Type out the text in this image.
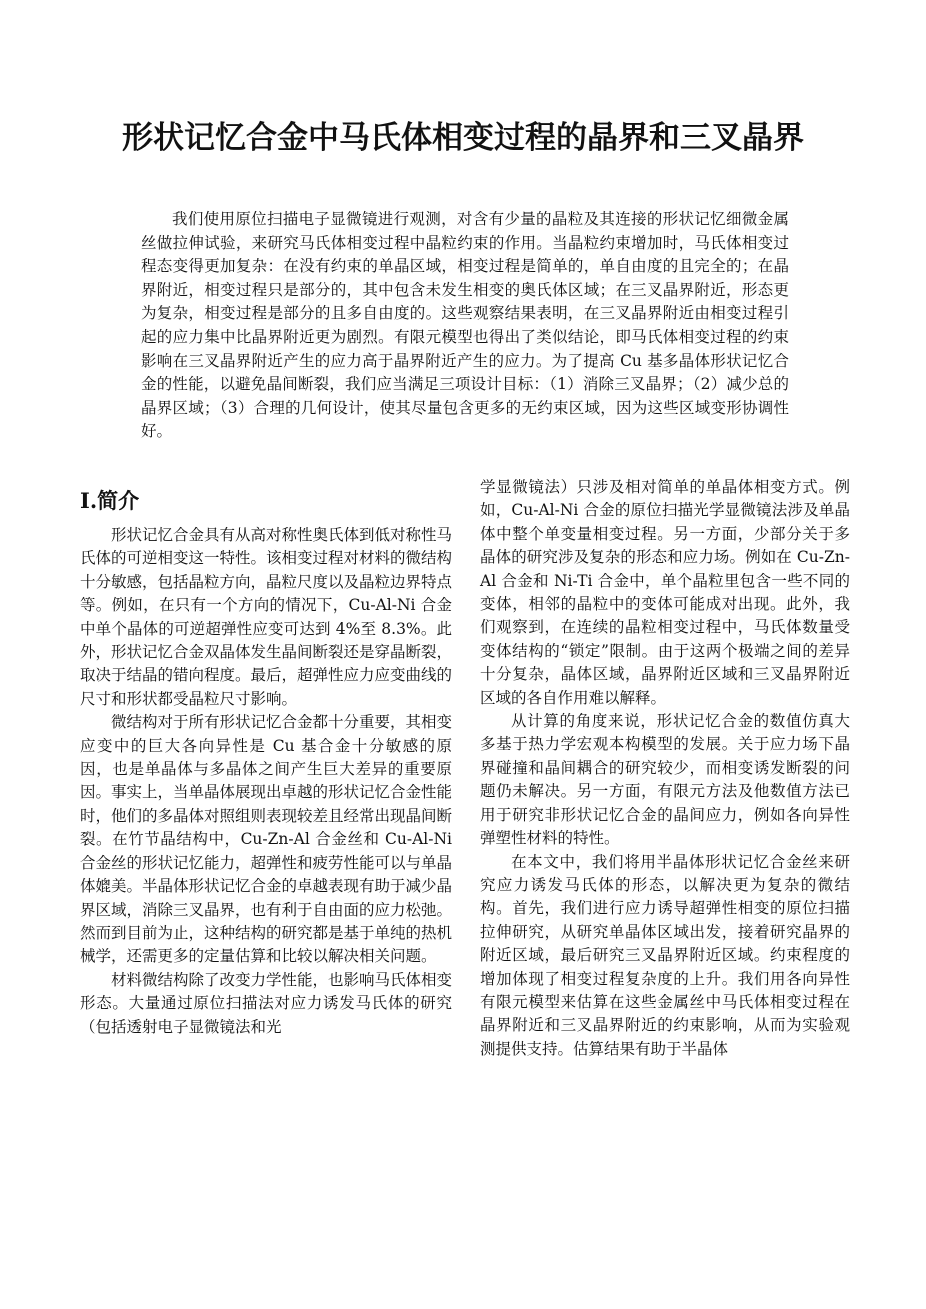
形状记忆合金中马氏体相变过程的晶界和三叉晶界

我们使用原位扫描电子显微镜进行观测，对含有少量的晶粒及其连接的形状记忆细微金属丝做拉伸试验，来研究马氏体相变过程中晶粒约束的作用。当晶粒约束增加时，马氏体相变过程态变得更加复杂：在没有约束的单晶区域，相变过程是简单的，单自由度的且完全的；在晶界附近，相变过程只是部分的，其中包含未发生相变的奥氏体区域；在三叉晶界附近，形态更为复杂，相变过程是部分的且多自由度的。这些观察结果表明，在三叉晶界附近由相变过程引起的应力集中比晶界附近更为剧烈。有限元模型也得出了类似结论，即马氏体相变过程的约束影响在三叉晶界附近产生的应力高于晶界附近产生的应力。为了提高 Cu 基多晶体形状记忆合金的性能，以避免晶间断裂，我们应当满足三项设计目标：（1）消除三叉晶界；（2）减少总的晶界区域；（3）合理的几何设计，使其尽量包含更多的无约束区域，因为这些区域变形协调性好。

I.简介

形状记忆合金具有从高对称性奥氏体到低对称性马氏体的可逆相变这一特性。该相变过程对材料的微结构十分敏感，包括晶粒方向，晶粒尺度以及晶粒边界特点等。例如，在只有一个方向的情况下，Cu-Al-Ni 合金中单个晶体的可逆超弹性应变可达到 4%至 8.3%。此外，形状记忆合金双晶体发生晶间断裂还是穿晶断裂，取决于结晶的错向程度。最后，超弹性应力应变曲线的尺寸和形状都受晶粒尺寸影响。

微结构对于所有形状记忆合金都十分重要，其相变应变中的巨大各向异性是 Cu 基合金十分敏感的原因，也是单晶体与多晶体之间产生巨大差异的重要原因。事实上，当单晶体展现出卓越的形状记忆合金性能时，他们的多晶体对照组则表现较差且经常出现晶间断裂。在竹节晶结构中，Cu-Zn-Al 合金丝和 Cu-Al-Ni 合金丝的形状记忆能力，超弹性和疲劳性能可以与单晶体媲美。半晶体形状记忆合金的卓越表现有助于减少晶界区域，消除三叉晶界，也有利于自由面的应力松弛。然而到目前为止，这种结构的研究都是基于单纯的热机械学，还需更多的定量估算和比较以解决相关问题。

材料微结构除了改变力学性能，也影响马氏体相变形态。大量通过原位扫描法对应力诱发马氏体的研究（包括透射电子显微镜法和光

学显微镜法）只涉及相对简单的单晶体相变方式。例如，Cu-Al-Ni 合金的原位扫描光学显微镜法涉及单晶体中整个单变量相变过程。另一方面，少部分关于多晶体的研究涉及复杂的形态和应力场。例如在 Cu-Zn-Al 合金和 Ni-Ti 合金中，单个晶粒里包含一些不同的变体，相邻的晶粒中的变体可能成对出现。此外，我们观察到，在连续的晶粒相变过程中，马氏体数量受变体结构的“锁定”限制。由于这两个极端之间的差异十分复杂，晶体区域，晶界附近区域和三叉晶界附近区域的各自作用难以解释。

从计算的角度来说，形状记忆合金的数值仿真大多基于热力学宏观本构模型的发展。关于应力场下晶界碰撞和晶间耦合的研究较少，而相变诱发断裂的问题仍未解决。另一方面，有限元方法及他数值方法已用于研究非形状记忆合金的晶间应力，例如各向异性弹塑性材料的特性。

在本文中，我们将用半晶体形状记忆合金丝来研究应力诱发马氏体的形态，以解决更为复杂的微结构。首先，我们进行应力诱导超弹性相变的原位扫描拉伸研究，从研究单晶体区域出发，接着研究晶界的附近区域，最后研究三叉晶界附近区域。约束程度的增加体现了相变过程复杂度的上升。我们用各向异性有限元模型来估算在这些金属丝中马氏体相变过程在晶界附近和三叉晶界附近的约束影响，从而为实验观测提供支持。估算结果有助于半晶体
